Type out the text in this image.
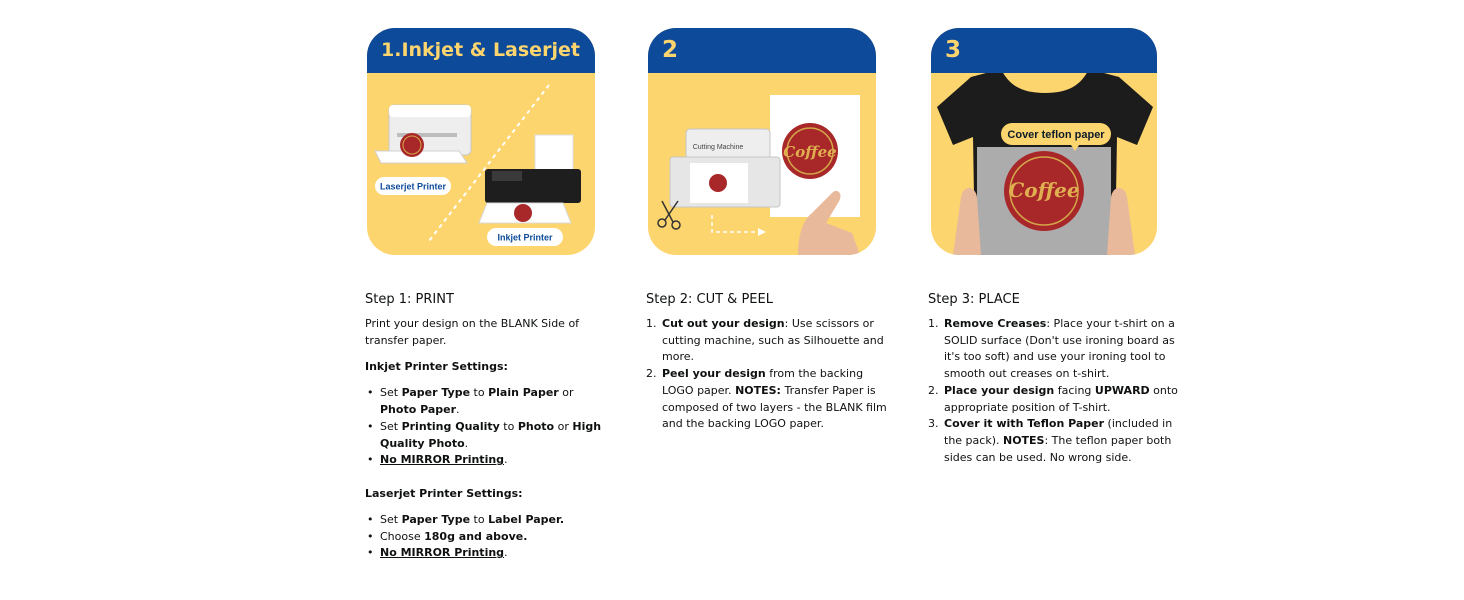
1.Inkjet & Laserjet
Laserjet Printer
Inkjet Printer
Step 1: PRINT
Print your design on the BLANK Side of transfer paper.
Inkjet Printer Settings:
• Set Paper Type to Plain Paper or Photo Paper.
• Set Printing Quality to Photo or High Quality Photo.
• No MIRROR Printing.
Laserjet Printer Settings:
• Set Paper Type to Label Paper.
• Choose 180g and above.
• No MIRROR Printing.
2
Cutting Machine	Coffee
Step 2: CUT & PEEL
1. Cut out your design: Use scissors or cutting machine, such as Silhouette and more.
2. Peel your design from the backing LOGO paper. NOTES: Transfer Paper is composed of two layers - the BLANK film and the backing LOGO paper.
3
Coffee
Cover teflon paper
Step 3: PLACE
1. Remove Creases: Place your t-shirt on a SOLID surface (Don't use ironing board as it's too soft) and use your ironing tool to smooth out creases on t-shirt.
2. Place your design facing UPWARD onto appropriate position of T-shirt.
3. Cover it with Teflon Paper (included in the pack). NOTES: The teflon paper both sides can be used. No wrong side.
